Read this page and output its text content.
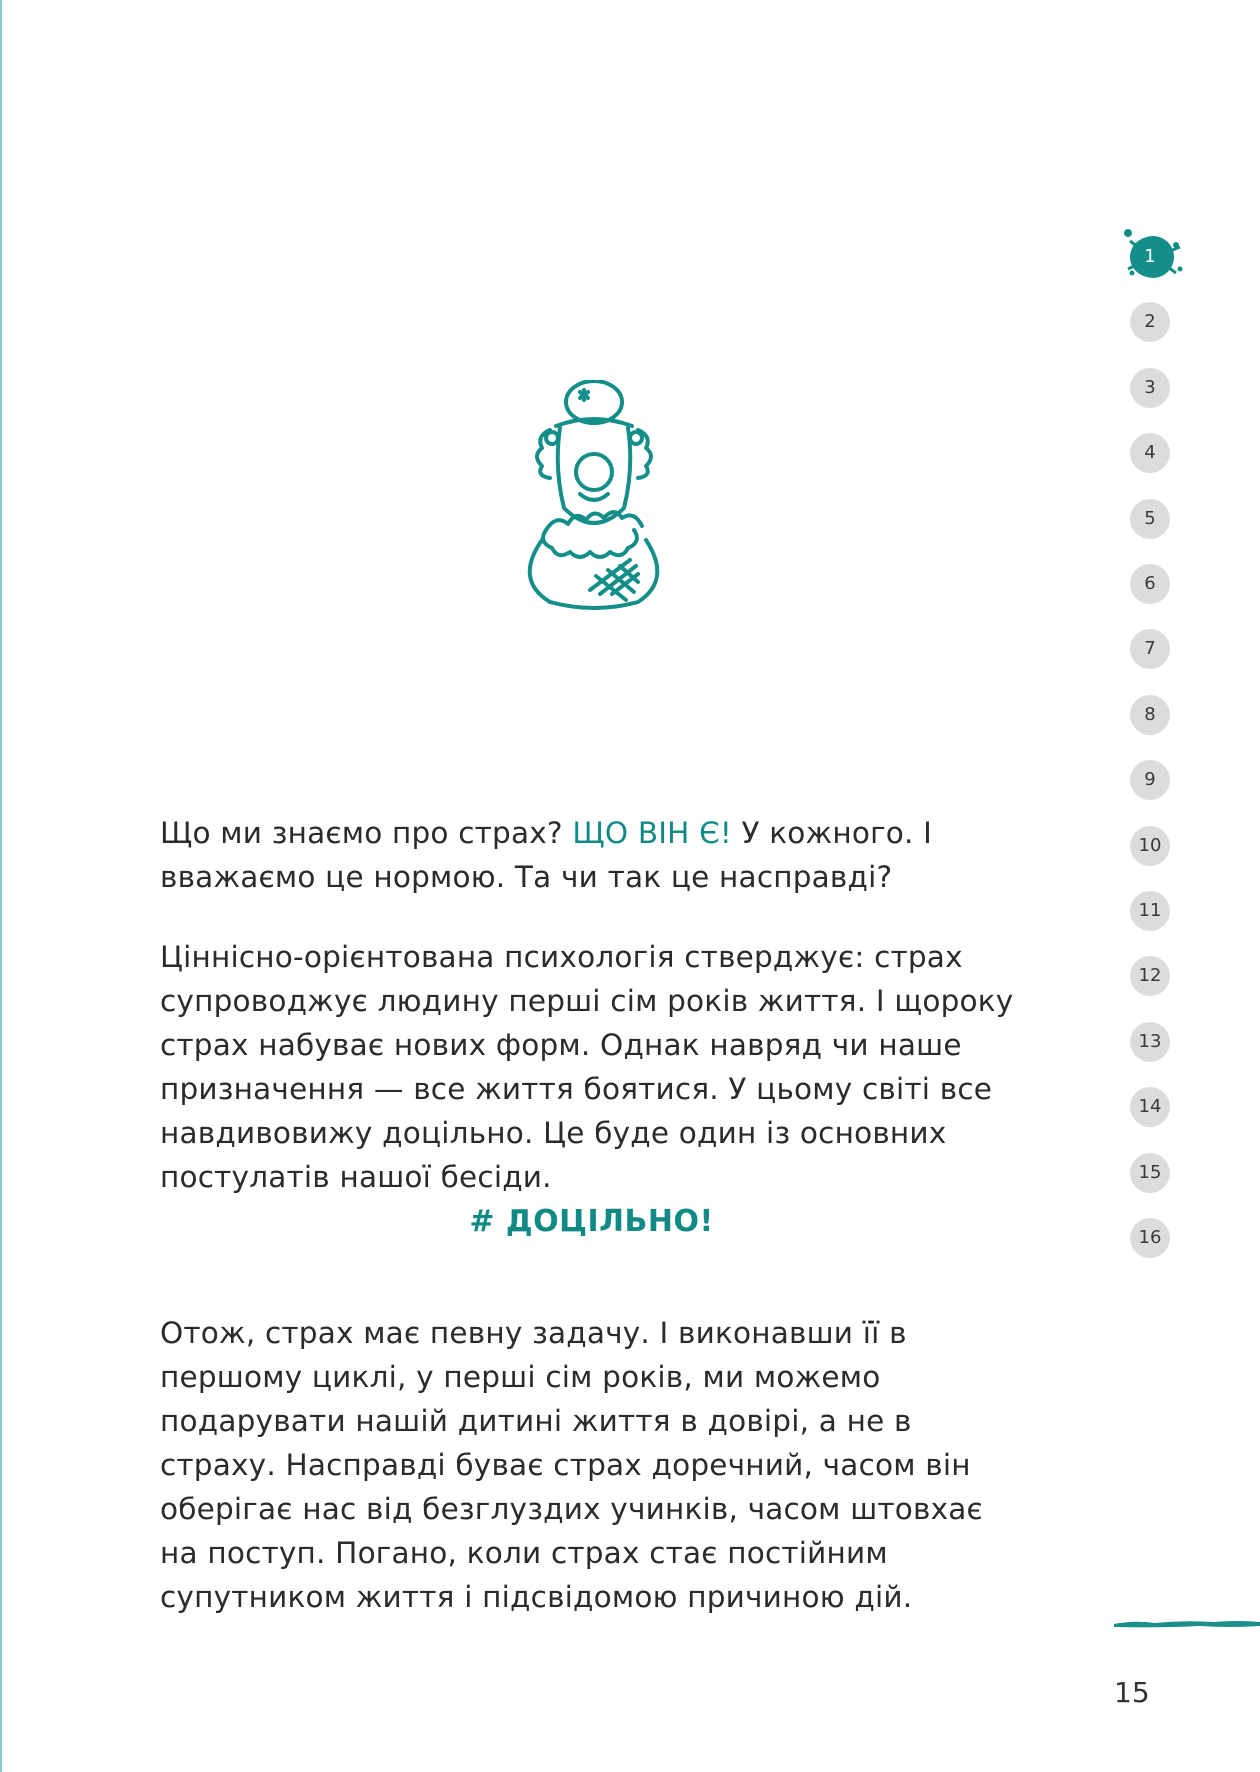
Що ми знаємо про страх? ЩО ВІН Є! У кожного. І вважаємо це нормою. Та чи так це насправді?

Ціннісно-орієнтована психологія стверджує: страх супроводжує людину перші сім років життя. І щороку страх набуває нових форм. Однак навряд чи наше призначення — все життя боятися. У цьому світі все навдивовижу доцільно. Це буде один із основних постулатів нашої бесіди.

# ДОЦІЛЬНО!

Отож, страх має певну задачу. І виконавши її в першому циклі, у перші сім років, ми можемо подарувати нашій дитині життя в довірі, а не в страху. Насправді буває страх доречний, часом він оберігає нас від безглуздих учинків, часом штовхає на поступ. Погано, коли страх стає постійним супутником життя і підсвідомою причиною дій.

1
2
3
4
5
6
7
8
9
10
11
12
13
14
15
16
15
